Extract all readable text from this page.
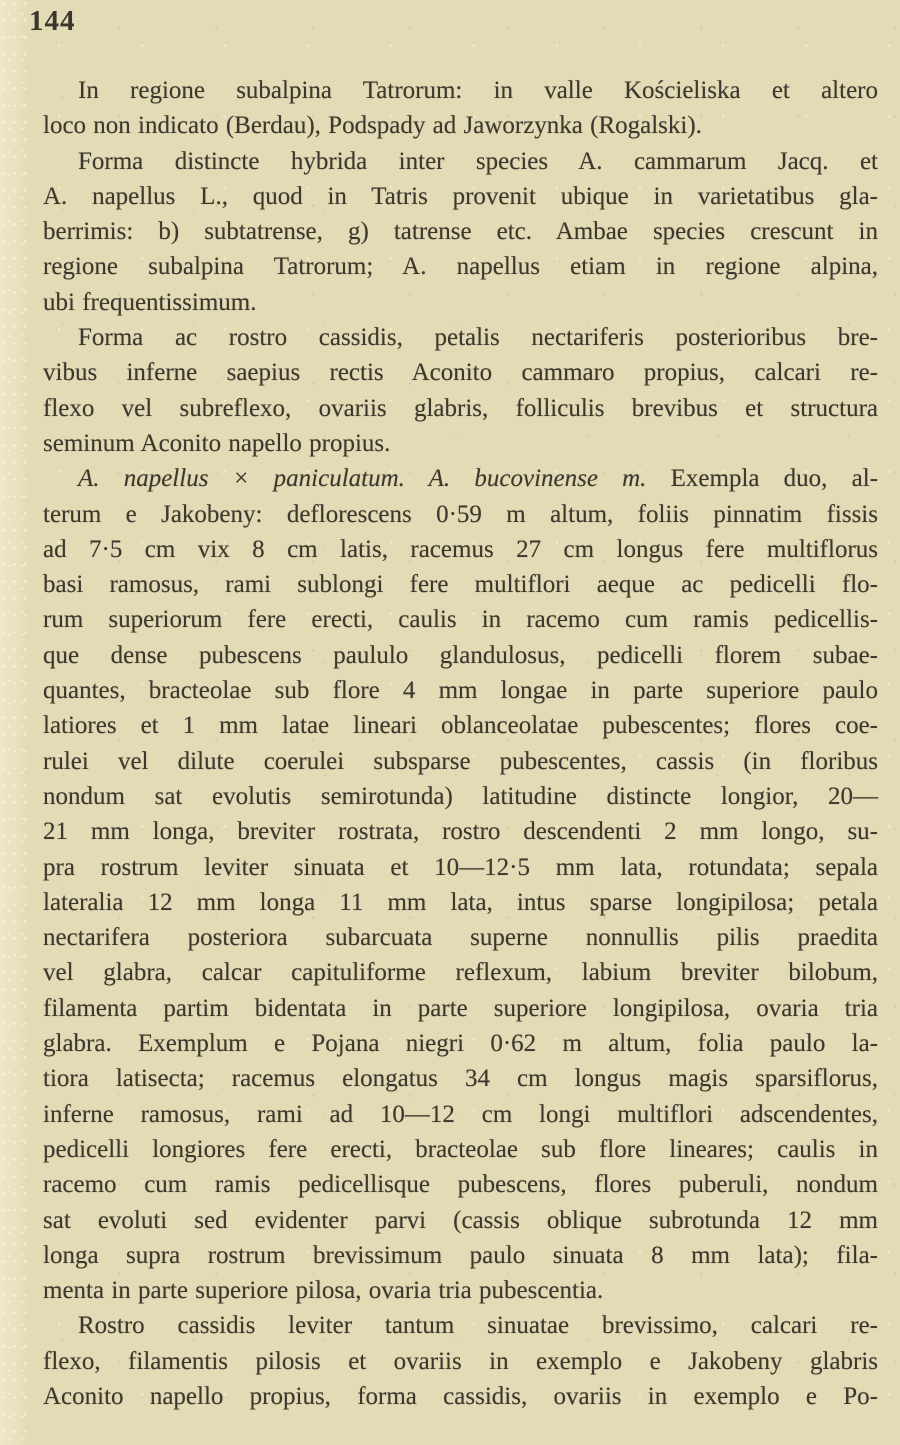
144

In regione subalpina Tatrorum: in valle Kościeliska et altero
loco non indicato (Berdau), Podspady ad Jaworzynka (Rogalski).

Forma distincte hybrida inter species A. cammarum Jacq. et
A. napellus L., quod in Tatris provenit ubique in varietatibus gla-
berrimis: b) subtatrense, g) tatrense etc. Ambae species crescunt in
regione subalpina Tatrorum; A. napellus etiam in regione alpina,
ubi frequentissimum.

Forma ac rostro cassidis, petalis nectariferis posterioribus bre-
vibus inferne saepius rectis Aconito cammaro propius, calcari re-
flexo vel subreflexo, ovariis glabris, folliculis brevibus et structura
seminum Aconito napello propius.

A. napellus × paniculatum. A. bucovinense m. Exempla duo, al-
terum e Jakobeny: deflorescens 0·59 m altum, foliis pinnatim fissis
ad 7·5 cm vix 8 cm latis, racemus 27 cm longus fere multiflorus
basi ramosus, rami sublongi fere multiflori aeque ac pedicelli flo-
rum superiorum fere erecti, caulis in racemo cum ramis pedicellis-
que dense pubescens paululo glandulosus, pedicelli florem subae-
quantes, bracteolae sub flore 4 mm longae in parte superiore paulo
latiores et 1 mm latae lineari oblanceolatae pubescentes; flores coe-
rulei vel dilute coerulei subsparse pubescentes, cassis (in floribus
nondum sat evolutis semirotunda) latitudine distincte longior, 20—
21 mm longa, breviter rostrata, rostro descendenti 2 mm longo, su-
pra rostrum leviter sinuata et 10—12·5 mm lata, rotundata; sepala
lateralia 12 mm longa 11 mm lata, intus sparse longipilosa; petala
nectarifera posteriora subarcuata superne nonnullis pilis praedita
vel glabra, calcar capituliforme reflexum, labium breviter bilobum,
filamenta partim bidentata in parte superiore longipilosa, ovaria tria
glabra. Exemplum e Pojana niegri 0·62 m altum, folia paulo la-
tiora latisecta; racemus elongatus 34 cm longus magis sparsiflorus,
inferne ramosus, rami ad 10—12 cm longi multiflori adscendentes,
pedicelli longiores fere erecti, bracteolae sub flore lineares; caulis in
racemo cum ramis pedicellisque pubescens, flores puberuli, nondum
sat evoluti sed evidenter parvi (cassis oblique subrotunda 12 mm
longa supra rostrum brevissimum paulo sinuata 8 mm lata); fila-
menta in parte superiore pilosa, ovaria tria pubescentia.

Rostro cassidis leviter tantum sinuatae brevissimo, calcari re-
flexo, filamentis pilosis et ovariis in exemplo e Jakobeny glabris
Aconito napello propius, forma cassidis, ovariis in exemplo e Po-
